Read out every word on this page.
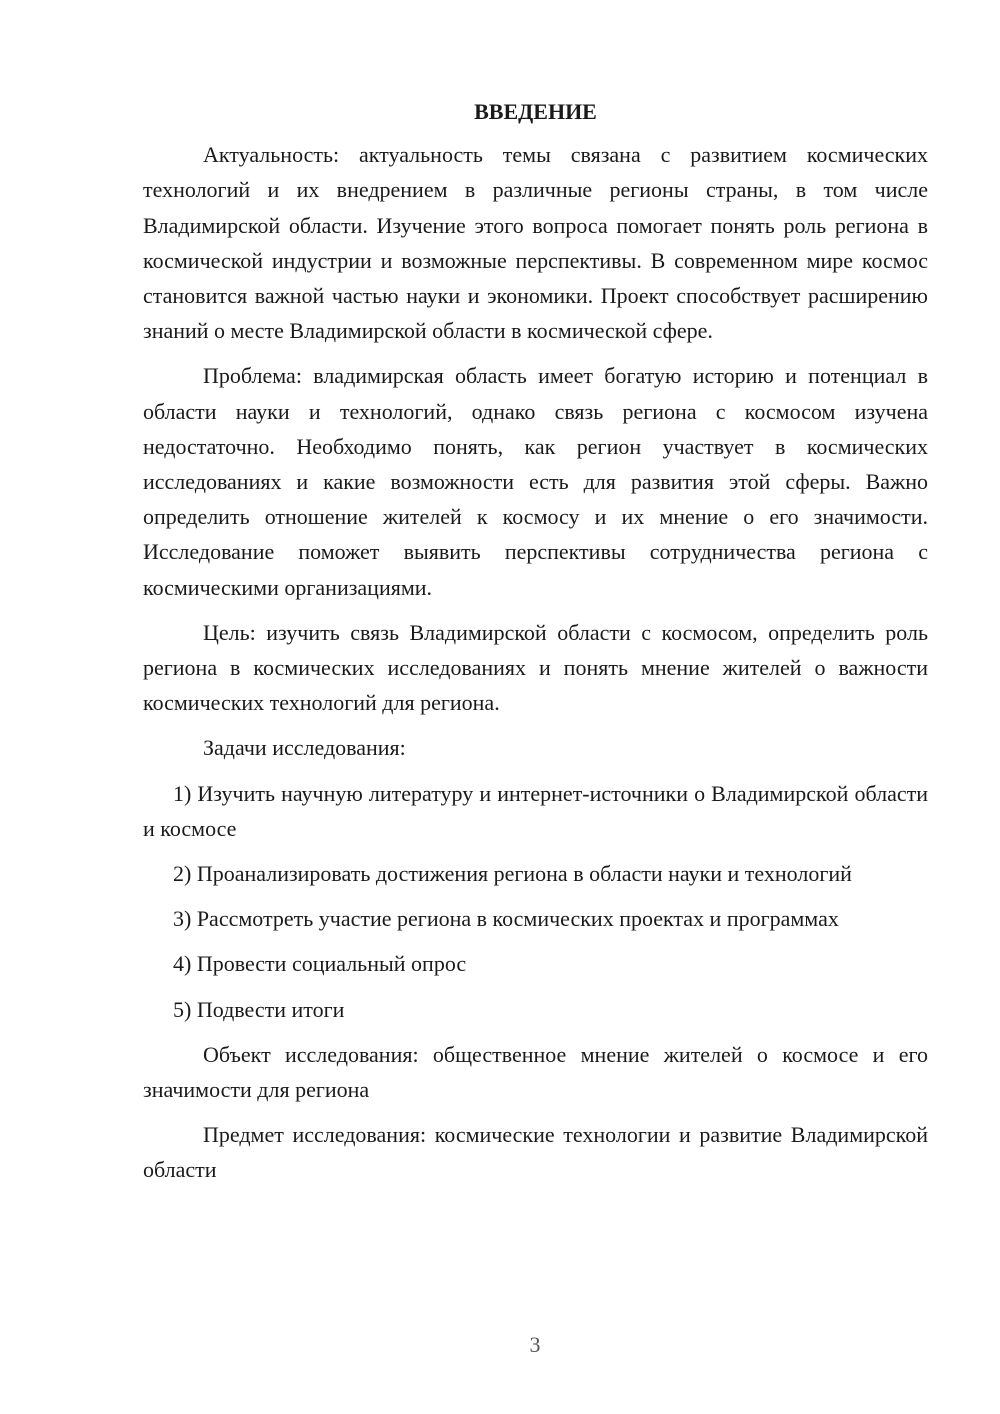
ВВЕДЕНИЕ

Актуальность: актуальность темы связана с развитием космических технологий и их внедрением в различные регионы страны, в том числе Владимирской области. Изучение этого вопроса помогает понять роль региона в космической индустрии и возможные перспективы. В современном мире космос становится важной частью науки и экономики. Проект способствует расширению знаний о месте Владимирской области в космической сфере.

Проблема: владимирская область имеет богатую историю и потенциал в области науки и технологий, однако связь региона с космосом изучена недостаточно. Необходимо понять, как регион участвует в космических исследованиях и какие возможности есть для развития этой сферы. Важно определить отношение жителей к космосу и их мнение о его значимости. Исследование поможет выявить перспективы сотрудничества региона с космическими организациями.

Цель: изучить связь Владимирской области с космосом, определить роль региона в космических исследованиях и понять мнение жителей о важности космических технологий для региона.

Задачи исследования:

1) Изучить научную литературу и интернет-источники о Владимирской области и космосе

2) Проанализировать достижения региона в области науки и технологий

3) Рассмотреть участие региона в космических проектах и программах

4) Провести социальный опрос

5) Подвести итоги

Объект исследования: общественное мнение жителей о космосе и его значимости для региона

Предмет исследования: космические технологии и развитие Владимирской области

3
